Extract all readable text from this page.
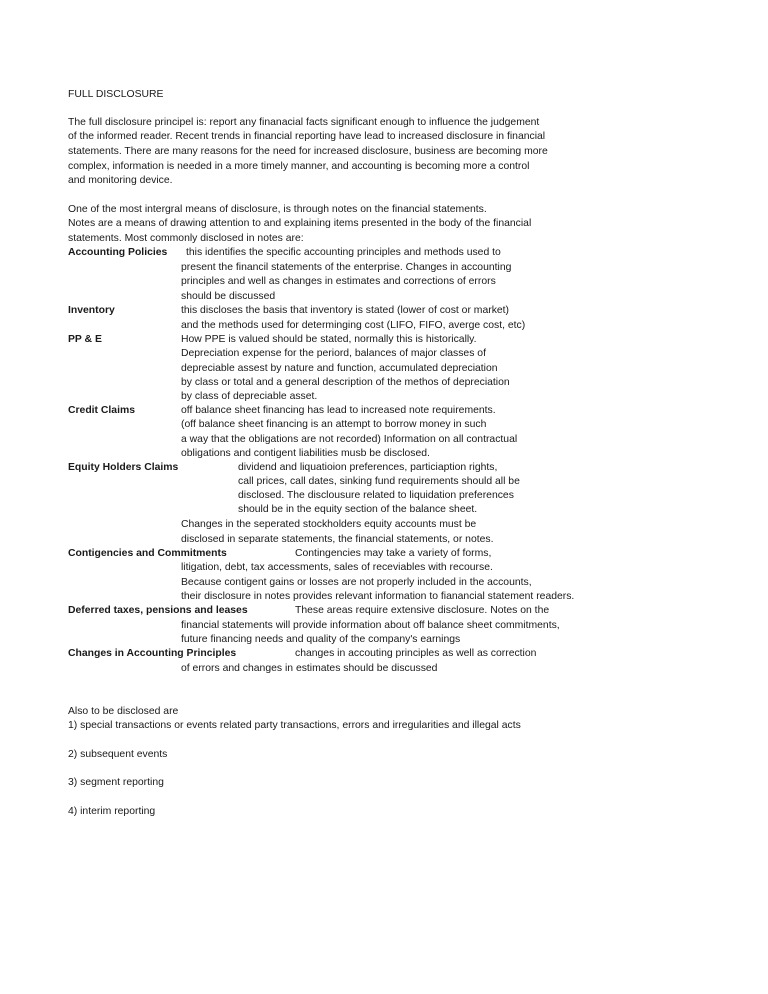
FULL DISCLOSURE
The full disclosure principel is: report any finanacial facts significant enough to influence the judgement
of the informed reader. Recent trends in financial reporting have lead to increased disclosure in financial
statements. There are many reasons for the need for increased disclosure, business are becoming more
complex, information is needed in a more timely manner, and accounting is becoming more a control
and monitoring device.
One of the most intergral means of disclosure, is through notes on the financial statements.
Notes are a means of drawing attention to and explaining items presented in the body of the financial
statements. Most commonly disclosed in notes are:
Accounting Policies this identifies the specific accounting principles and methods used to
present the financil statements of the enterprise. Changes in accounting
principles and well as changes in estimates and corrections of errors
should be discussed
Inventory	this discloses the basis that inventory is stated (lower of cost or market)
and the methods used for determinging cost (LIFO, FIFO, averge cost, etc)
PP & E	How PPE is valued should be stated, normally this is historically.
Depreciation expense for the periord, balances of major classes of
depreciable assest by nature and function, accumulated depreciation
by class or total and a general description of the methos of depreciation
by class of depreciable asset.
Credit Claims	off balance sheet financing has lead to increased note requirements.
(off balance sheet financing is an attempt to borrow money in such
a way that the obligations are not recorded) Information on all contractual
obligations and contigent liabilities musb be disclosed.
Equity Holders Claims	dividend and liquatioion preferences, particiaption rights,
call prices, call dates, sinking fund requirements should all be
disclosed. The disclousure related to liquidation preferences
should be in the equity section of the balance sheet.
Changes in the seperated stockholders equity accounts must be
disclosed in separate statements, the financial statements, or notes.
Contigencies and Commitments	Contingencies may take a variety of forms,
litigation, debt, tax accessments, sales of receviables with recourse.
Because contigent gains or losses are not properly included in the accounts,
their disclosure in notes provides relevant information to fianancial statement readers.
Deferred taxes, pensions and leases	These areas require extensive disclosure. Notes on the
financial statements will provide information about off balance sheet commitments,
future financing needs and quality of the company's earnings
Changes in Accounting Principles	changes in accouting principles as well as correction
of errors and changes in estimates should be discussed
Also to be disclosed are
1) special transactions or events related party transactions, errors and irregularities and illegal acts
2) subsequent events
3) segment reporting
4) interim reporting
